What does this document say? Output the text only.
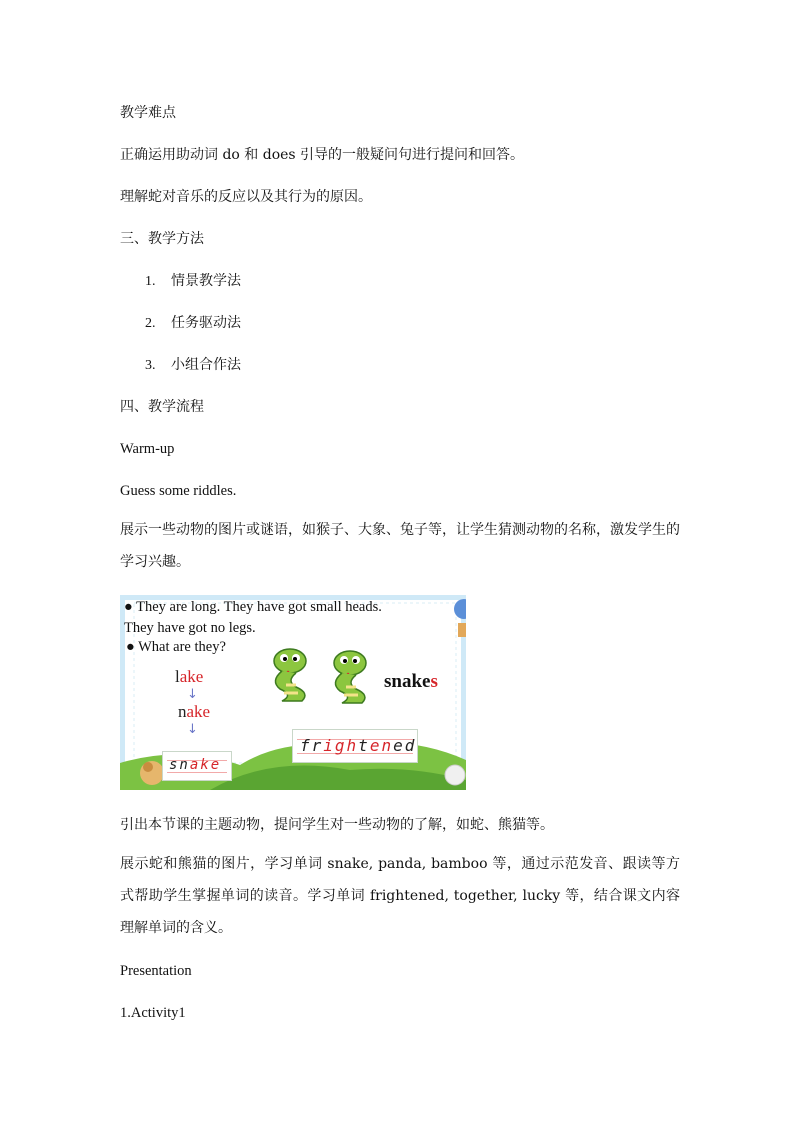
教学难点
正确运用助动词 do 和 does 引导的一般疑问句进行提问和回答。
理解蛇对音乐的反应以及其行为的原因。
三、教学方法
1. 情景教学法
2. 任务驱动法
3. 小组合作法
四、教学流程
Warm-up
Guess some riddles.
展示一些动物的图片或谜语，如猴子、大象、兔子等，让学生猜测动物的名称，激发学生的学习兴趣。
● They are long. They have got small heads.
They have got no legs.
● What are they?
lake
↓
nake
↓
snakes
snake
frightened
引出本节课的主题动物，提问学生对一些动物的了解，如蛇、熊猫等。
展示蛇和熊猫的图片，学习单词 snake, panda, bamboo 等，通过示范发音、跟读等方式帮助学生掌握单词的读音。学习单词 frightened, together, lucky 等，结合课文内容理解单词的含义。
Presentation
1.Activity1
